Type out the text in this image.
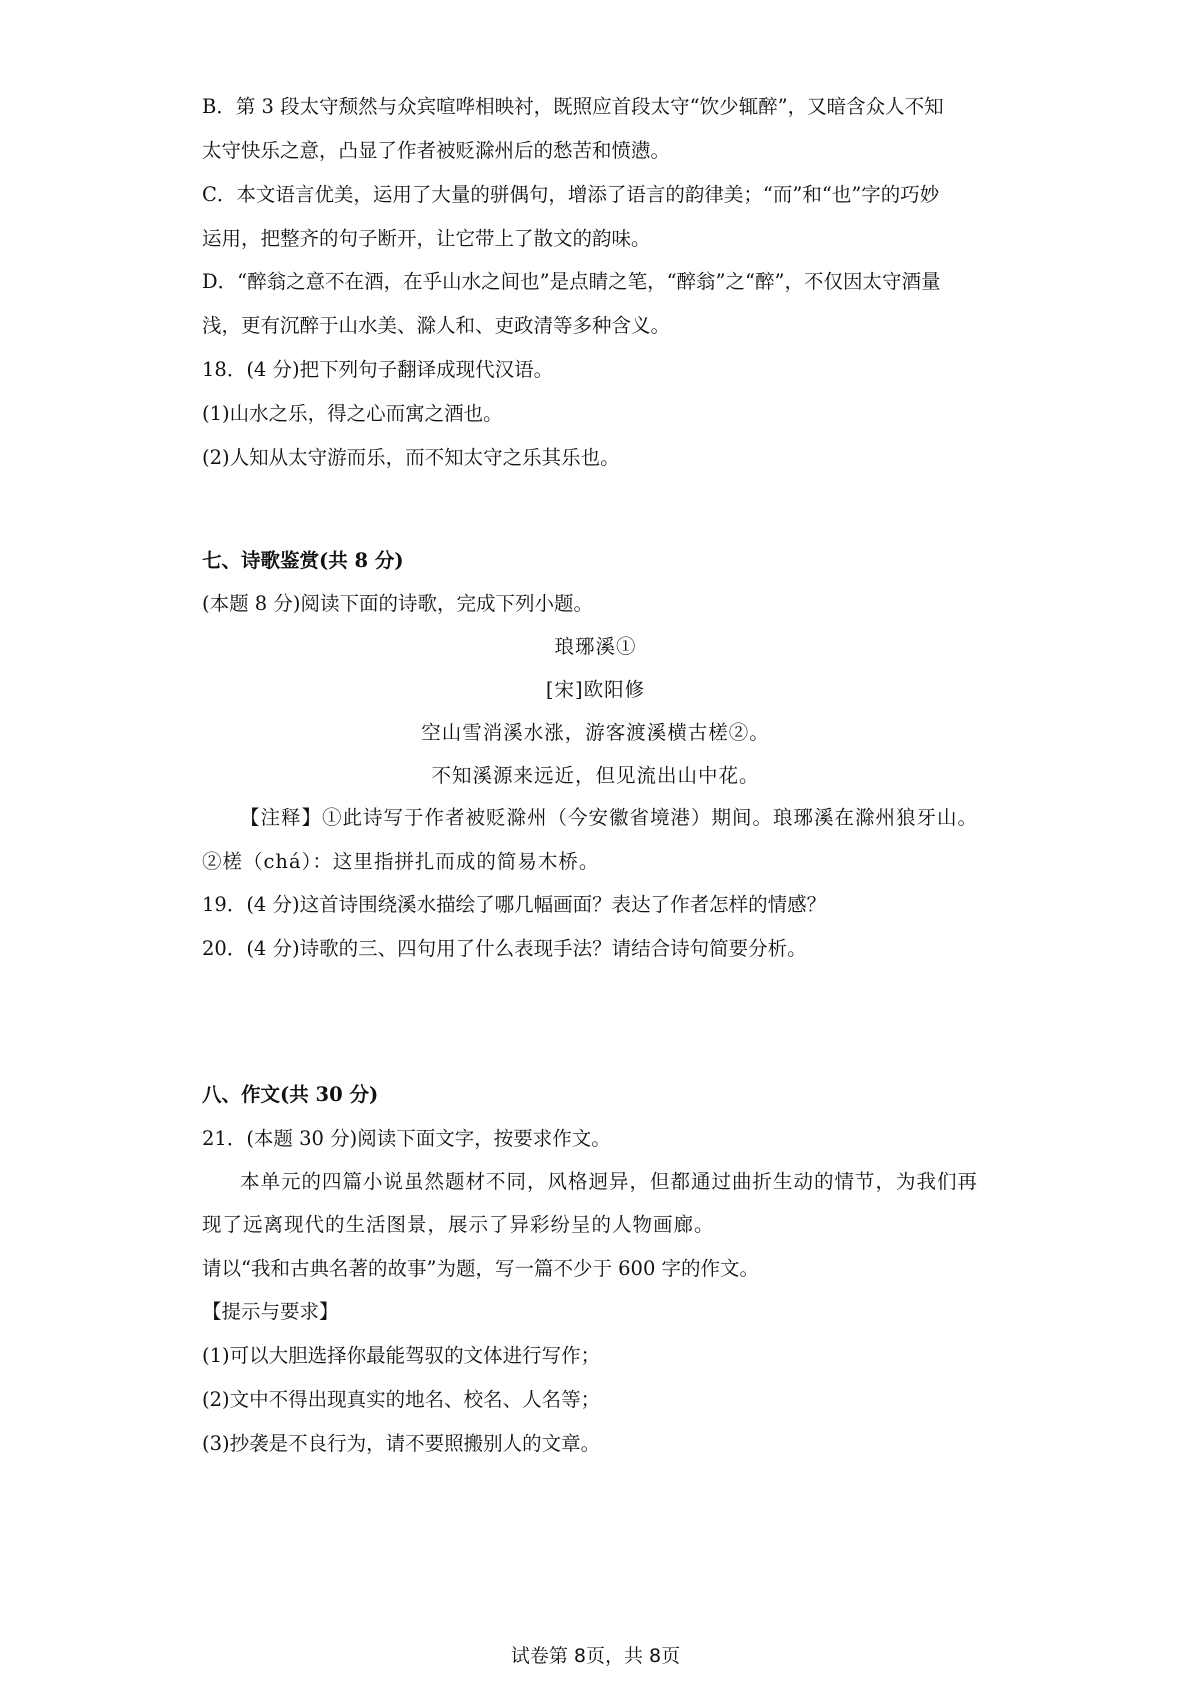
B．第 3 段太守颓然与众宾喧哗相映衬，既照应首段太守“饮少辄醉”，又暗含众人不知
太守快乐之意，凸显了作者被贬滁州后的愁苦和愤懑。
C．本文语言优美，运用了大量的骈偶句，增添了语言的韵律美；“而”和“也”字的巧妙
运用，把整齐的句子断开，让它带上了散文的韵味。
D．“醉翁之意不在酒，在乎山水之间也”是点睛之笔，“醉翁”之“醉”，不仅因太守酒量
浅，更有沉醉于山水美、滁人和、吏政清等多种含义。
18．(4 分)把下列句子翻译成现代汉语。
(1)山水之乐，得之心而寓之酒也。
(2)人知从太守游而乐，而不知太守之乐其乐也。
七、诗歌鉴赏(共 8 分)
(本题 8 分)阅读下面的诗歌，完成下列小题。
琅琊溪①
[宋]欧阳修
空山雪消溪水涨，游客渡溪横古槎②。
不知溪源来远近，但见流出山中花。
【注释】①此诗写于作者被贬滁州（今安徽省境港）期间。琅琊溪在滁州狼牙山。
②槎（chá）：这里指拼扎而成的简易木桥。
19．(4 分)这首诗围绕溪水描绘了哪几幅画面？表达了作者怎样的情感？
20．(4 分)诗歌的三、四句用了什么表现手法？请结合诗句简要分析。
八、作文(共 30 分)
21．(本题 30 分)阅读下面文字，按要求作文。
本单元的四篇小说虽然题材不同，风格迥异，但都通过曲折生动的情节，为我们再
现了远离现代的生活图景，展示了异彩纷呈的人物画廊。
请以“我和古典名著的故事”为题，写一篇不少于 600 字的作文。
【提示与要求】
(1)可以大胆选择你最能驾驭的文体进行写作；
(2)文中不得出现真实的地名、校名、人名等；
(3)抄袭是不良行为，请不要照搬别人的文章。
试卷第 8页，共 8页
